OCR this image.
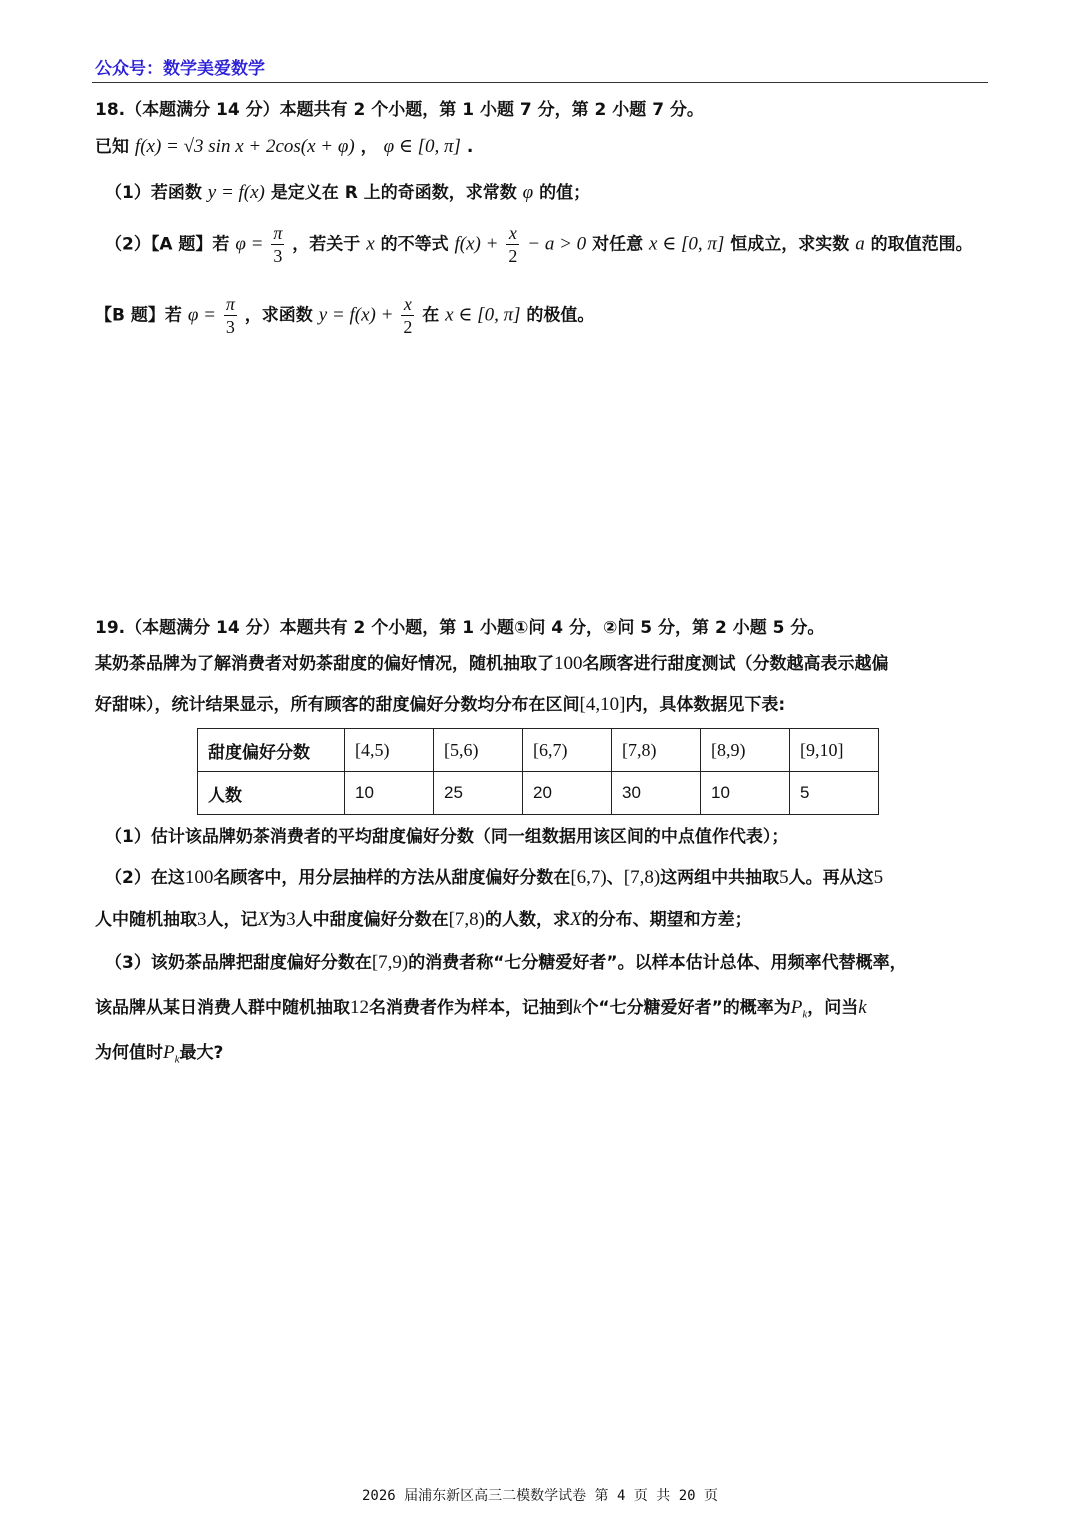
公众号：数学美爱数学
18.（本题满分 14 分）本题共有 2 个小题，第 1 小题 7 分，第 2 小题 7 分。
已知 f(x) = √3 sin x + 2cos(x + φ) ， φ ∈ [0, π] .
（1）若函数 y = f(x) 是定义在 R 上的奇函数，求常数 φ 的值；
（2）【A 题】若 $\varphi = \frac{\pi}{3}$ ，若关于 x 的不等式 $f(x) + \frac{x}{2} - a > 0$ 对任意 x ∈ [0, π] 恒成立，求实数 a 的取值范围。
【B 题】若 $\varphi = \frac{\pi}{3}$ ，求函数 $y = f(x) + \frac{x}{2}$ 在 x ∈ [0, π] 的极值。
19.（本题满分 14 分）本题共有 2 个小题，第 1 小题①问 4 分，②问 5 分，第 2 小题 5 分。
某奶茶品牌为了解消费者对奶茶甜度的偏好情况，随机抽取了100名顾客进行甜度测试（分数越高表示越偏
好甜味），统计结果显示，所有顾客的甜度偏好分数均分布在区间[4,10]内，具体数据见下表:
甜度偏好分数	[4,5)	[5,6)	[6,7)	[7,8)	[8,9)	[9,10]
人数	10	25	20	30	10	5
（1）估计该品牌奶茶消费者的平均甜度偏好分数（同一组数据用该区间的中点值作代表）；
（2）在这100名顾客中，用分层抽样的方法从甜度偏好分数在[6,7)、[7,8)这两组中共抽取5人。再从这5
人中随机抽取3人，记X为3人中甜度偏好分数在[7,8)的人数，求X的分布、期望和方差；
（3）该奶茶品牌把甜度偏好分数在[7,9)的消费者称“七分糖爱好者”。以样本估计总体、用频率代替概率，
该品牌从某日消费人群中随机抽取12名消费者作为样本，记抽到k个“七分糖爱好者”的概率为$P_k$，问当k
为何值时$P_k$最大?
2026 届浦东新区高三二模数学试卷 第 4 页 共 20 页
